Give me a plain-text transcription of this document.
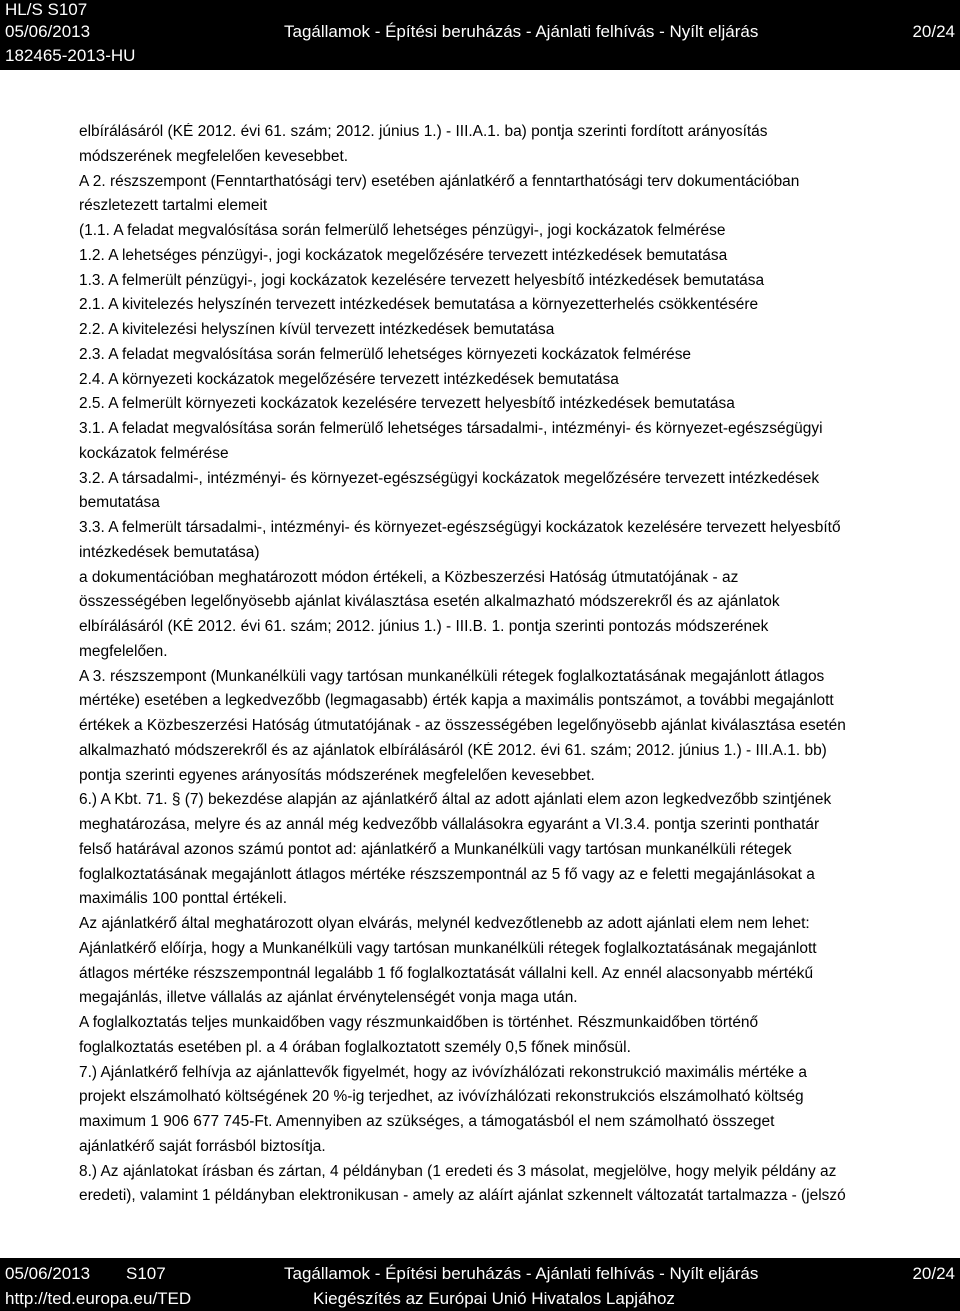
HL/S S107
05/06/2013
182465-2013-HU
Tagállamok - Építési beruházás - Ajánlati felhívás - Nyílt eljárás	20/24
elbírálásáról (KÉ 2012. évi 61. szám; 2012. június 1.) - III.A.1. ba) pontja szerinti fordított arányosítás
módszerének megfelelően kevesebbet.
A 2. részszempont (Fenntarthatósági terv) esetében ajánlatkérő a fenntarthatósági terv dokumentációban
részletezett tartalmi elemeit
(1.1. A feladat megvalósítása során felmerülő lehetséges pénzügyi-, jogi kockázatok felmérése
1.2. A lehetséges pénzügyi-, jogi kockázatok megelőzésére tervezett intézkedések bemutatása
1.3. A felmerült pénzügyi-, jogi kockázatok kezelésére tervezett helyesbítő intézkedések bemutatása
2.1. A kivitelezés helyszínén tervezett intézkedések bemutatása a környezetterhelés csökkentésére
2.2. A kivitelezési helyszínen kívül tervezett intézkedések bemutatása
2.3. A feladat megvalósítása során felmerülő lehetséges környezeti kockázatok felmérése
2.4. A környezeti kockázatok megelőzésére tervezett intézkedések bemutatása
2.5. A felmerült környezeti kockázatok kezelésére tervezett helyesbítő intézkedések bemutatása
3.1. A feladat megvalósítása során felmerülő lehetséges társadalmi-, intézményi- és környezet-egészségügyi
kockázatok felmérése
3.2. A társadalmi-, intézményi- és környezet-egészségügyi kockázatok megelőzésére tervezett intézkedések
bemutatása
3.3. A felmerült társadalmi-, intézményi- és környezet-egészségügyi kockázatok kezelésére tervezett helyesbítő
intézkedések bemutatása)
a dokumentációban meghatározott módon értékeli, a Közbeszerzési Hatóság útmutatójának - az
összességében legelőnyösebb ajánlat kiválasztása esetén alkalmazható módszerekről és az ajánlatok
elbírálásáról (KÉ 2012. évi 61. szám; 2012. június 1.) - III.B. 1. pontja szerinti pontozás módszerének
megfelelően.
A 3. részszempont (Munkanélküli vagy tartósan munkanélküli rétegek foglalkoztatásának megajánlott átlagos
mértéke) esetében a legkedvezőbb (legmagasabb) érték kapja a maximális pontszámot, a további megajánlott
értékek a Közbeszerzési Hatóság útmutatójának - az összességében legelőnyösebb ajánlat kiválasztása esetén
alkalmazható módszerekről és az ajánlatok elbírálásáról (KÉ 2012. évi 61. szám; 2012. június 1.) - III.A.1. bb)
pontja szerinti egyenes arányosítás módszerének megfelelően kevesebbet.
6.) A Kbt. 71. § (7) bekezdése alapján az ajánlatkérő által az adott ajánlati elem azon legkedvezőbb szintjének
meghatározása, melyre és az annál még kedvezőbb vállalásokra egyaránt a VI.3.4. pontja szerinti ponthatár
felső határával azonos számú pontot ad: ajánlatkérő a Munkanélküli vagy tartósan munkanélküli rétegek
foglalkoztatásának megajánlott átlagos mértéke részszempontnál az 5 fő vagy az e feletti megajánlásokat a
maximális 100 ponttal értékeli.
Az ajánlatkérő által meghatározott olyan elvárás, melynél kedvezőtlenebb az adott ajánlati elem nem lehet:
Ajánlatkérő előírja, hogy a Munkanélküli vagy tartósan munkanélküli rétegek foglalkoztatásának megajánlott
átlagos mértéke részszempontnál legalább 1 fő foglalkoztatását vállalni kell. Az ennél alacsonyabb mértékű
megajánlás, illetve vállalás az ajánlat érvénytelenségét vonja maga után.
A foglalkoztatás teljes munkaidőben vagy részmunkaidőben is történhet. Részmunkaidőben történő
foglalkoztatás esetében pl. a 4 órában foglalkoztatott személy 0,5 főnek minősül.
7.) Ajánlatkérő felhívja az ajánlattevők figyelmét, hogy az ivóvízhálózati rekonstrukció maximális mértéke a
projekt elszámolható költségének 20 %-ig terjedhet, az ivóvízhálózati rekonstrukciós elszámolható költség
maximum 1 906 677 745-Ft. Amennyiben az szükséges, a támogatásból el nem számolható összeget
ajánlatkérő saját forrásból biztosítja.
8.) Az ajánlatokat írásban és zártan, 4 példányban (1 eredeti és 3 másolat, megjelölve, hogy melyik példány az
eredeti), valamint 1 példányban elektronikusan - amely az aláírt ajánlat szkennelt változatát tartalmazza - (jelszó
05/06/2013 S107	Tagállamok - Építési beruházás - Ajánlati felhívás - Nyílt eljárás	20/24
http://ted.europa.eu/TED	Kiegészítés az Európai Unió Hivatalos Lapjához
